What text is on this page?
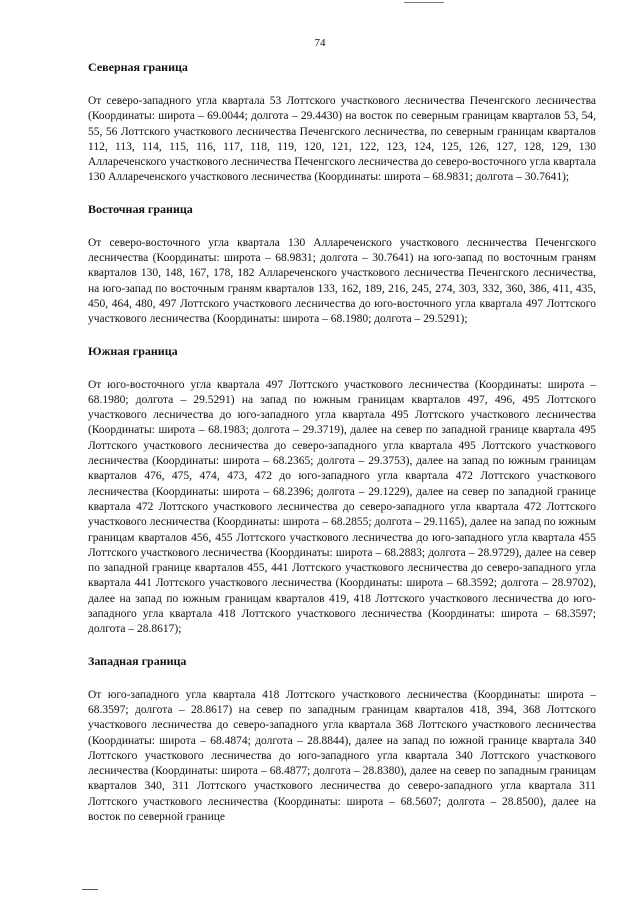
74
Северная граница
От северо-западного угла квартала 53 Лоттского участкового лесничества Печенгского лесничества (Координаты: широта – 69.0044; долгота – 29.4430) на восток по северным границам кварталов 53, 54, 55, 56 Лоттского участкового лесничества Печенгского лесничества, по северным границам кварталов 112, 113, 114, 115, 116, 117, 118, 119, 120, 121, 122, 123, 124, 125, 126, 127, 128, 129, 130 Аллареченского участкового лесничества Печенгского лесничества до северо-восточного угла квартала 130 Аллареченского участкового лесничества (Координаты: широта – 68.9831; долгота – 30.7641);
Восточная граница
От северо-восточного угла квартала 130 Аллареченского участкового лесничества Печенгского лесничества (Координаты: широта – 68.9831; долгота – 30.7641) на юго-запад по восточным граням кварталов 130, 148, 167, 178, 182 Аллареченского участкового лесничества Печенгского лесничества, на юго-запад по восточным граням кварталов 133, 162, 189, 216, 245, 274, 303, 332, 360, 386, 411, 435, 450, 464, 480, 497 Лоттского участкового лесничества до юго-восточного угла квартала 497 Лоттского участкового лесничества (Координаты: широта – 68.1980; долгота – 29.5291);
Южная граница
От юго-восточного угла квартала 497 Лоттского участкового лесничества (Координаты: широта – 68.1980; долгота – 29.5291) на запад по южным границам кварталов 497, 496, 495 Лоттского участкового лесничества до юго-западного угла квартала 495 Лоттского участкового лесничества (Координаты: широта – 68.1983; долгота – 29.3719), далее на север по западной границе квартала 495 Лоттского участкового лесничества до северо-западного угла квартала 495 Лоттского участкового лесничества (Координаты: широта – 68.2365; долгота – 29.3753), далее на запад по южным границам кварталов 476, 475, 474, 473, 472 до юго-западного угла квартала 472 Лоттского участкового лесничества (Координаты: широта – 68.2396; долгота – 29.1229), далее на север по западной границе квартала 472 Лоттского участкового лесничества до северо-западного угла квартала 472 Лоттского участкового лесничества (Координаты: широта – 68.2855; долгота – 29.1165), далее на запад по южным границам кварталов 456, 455 Лоттского участкового лесничества до юго-западного угла квартала 455 Лоттского участкового лесничества (Координаты: широта – 68.2883; долгота – 28.9729), далее на север по западной границе кварталов 455, 441 Лоттского участкового лесничества до северо-западного угла квартала 441 Лоттского участкового лесничества (Координаты: широта – 68.3592; долгота – 28.9702), далее на запад по южным границам кварталов 419, 418 Лоттского участкового лесничества до юго-западного угла квартала 418 Лоттского участкового лесничества (Координаты: широта – 68.3597; долгота – 28.8617);
Западная граница
От юго-западного угла квартала 418 Лоттского участкового лесничества (Координаты: широта – 68.3597; долгота – 28.8617) на север по западным границам кварталов 418, 394, 368 Лоттского участкового лесничества до северо-западного угла квартала 368 Лоттского участкового лесничества (Координаты: широта – 68.4874; долгота – 28.8844), далее на запад по южной границе квартала 340 Лоттского участкового лесничества до юго-западного угла квартала 340 Лоттского участкового лесничества (Координаты: широта – 68.4877; долгота – 28.8380), далее на север по западным границам кварталов 340, 311 Лоттского участкового лесничества до северо-западного угла квартала 311 Лоттского участкового лесничества (Координаты: широта – 68.5607; долгота – 28.8500), далее на восток по северной границе
